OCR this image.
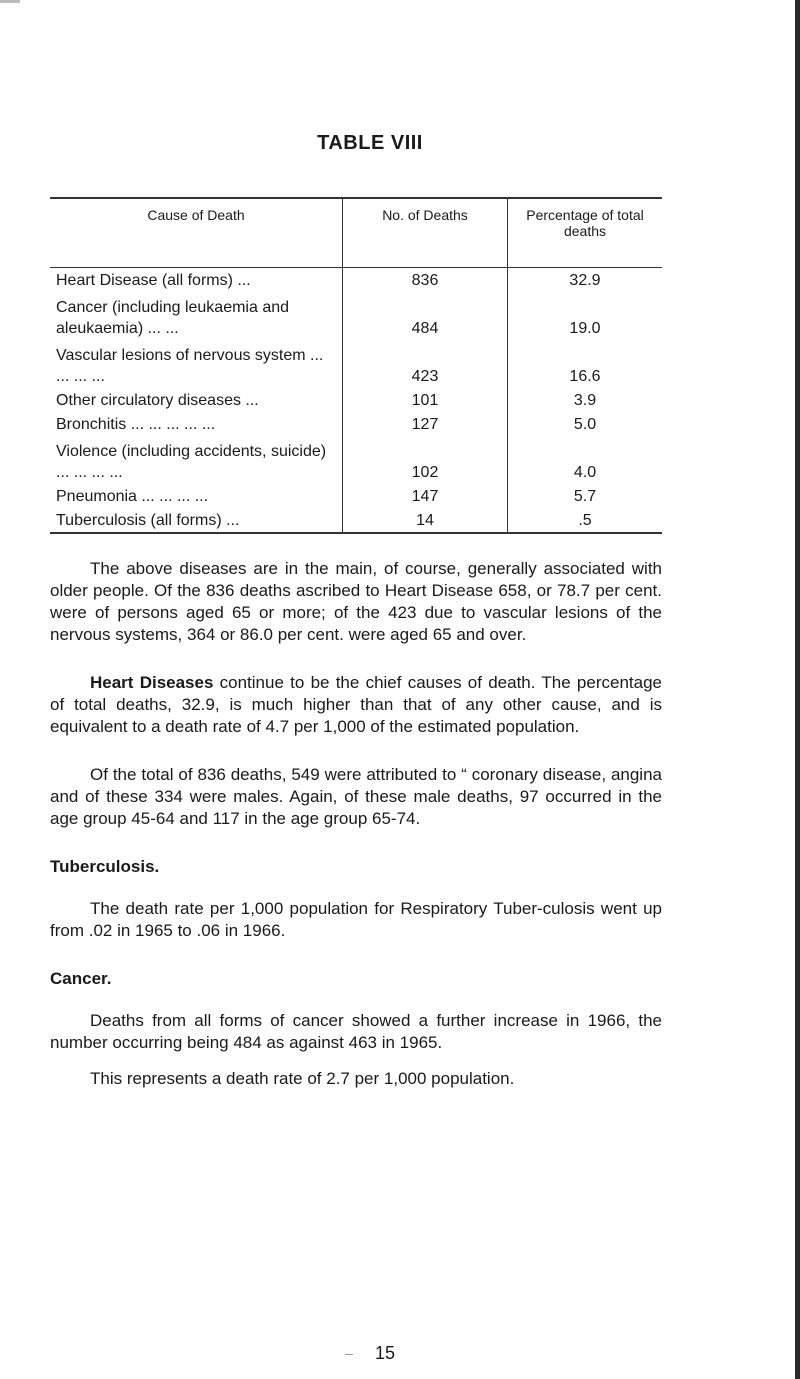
TABLE VIII
Cause of Death	No. of Deaths	Percentage of total deaths
Heart Disease (all forms) ...	836	32.9
Cancer (including leukaemia and aleukaemia) ... ...	484	19.0
Vascular lesions of nervous system ... ... ... ...	423	16.6
Other circulatory diseases ...	101	3.9
Bronchitis ... ... ... ... ...	127	5.0
Violence (including accidents, suicide) ... ... ... ...	102	4.0
Pneumonia ... ... ... ...	147	5.7
Tuberculosis (all forms) ...	14	.5

The above diseases are in the main, of course, generally associated with older people. Of the 836 deaths ascribed to Heart Disease 658, or 78.7 per cent. were of persons aged 65 or more; of the 423 due to vascular lesions of the nervous systems, 364 or 86.0 per cent. were aged 65 and over.

Heart Diseases continue to be the chief causes of death. The percentage of total deaths, 32.9, is much higher than that of any other cause, and is equivalent to a death rate of 4.7 per 1,000 of the estimated population.

Of the total of 836 deaths, 549 were attributed to “ coronary disease, angina and of these 334 were males. Again, of these male deaths, 97 occurred in the age group 45-64 and 117 in the age group 65-74.

Tuberculosis.

The death rate per 1,000 population for Respiratory Tuber-culosis went up from .02 in 1965 to .06 in 1966.

Cancer.

Deaths from all forms of cancer showed a further increase in 1966, the number occurring being 484 as against 463 in 1965.

This represents a death rate of 2.7 per 1,000 population.

15
